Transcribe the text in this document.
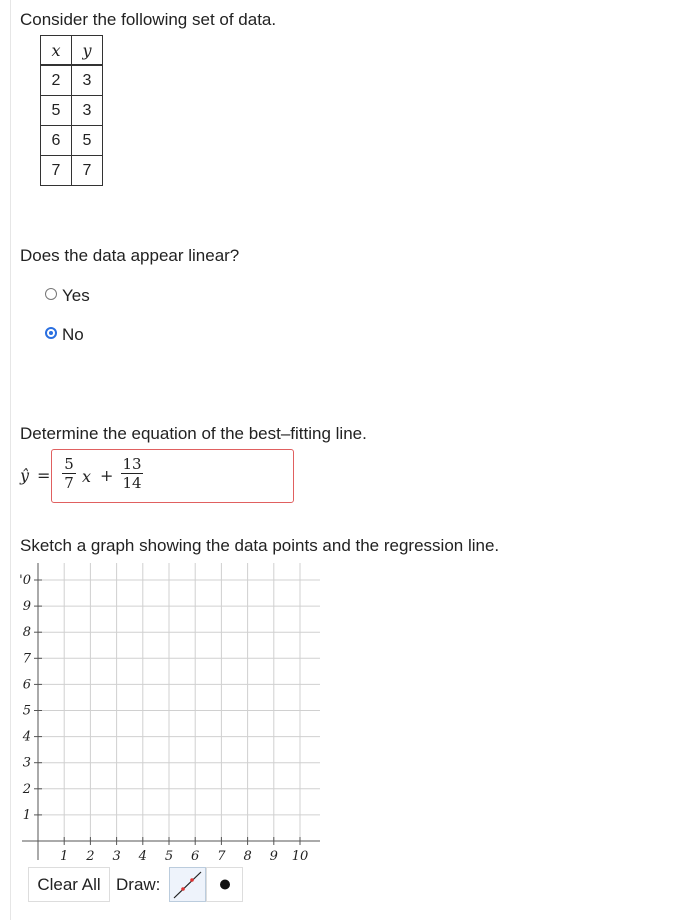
Consider the following set of data.
x	y
2	3
5	3
6	5
7	7
Does the data appear linear?
Yes
No
Determine the equation of the best–fitting line.
ŷ =
5
7 x +
13
14
Sketch a graph showing the data points and the regression line.
1 2 3 4 5 6 7 8 9 10
1
2
3
4
5
6
7
8
9
'0
Clear All Draw:
